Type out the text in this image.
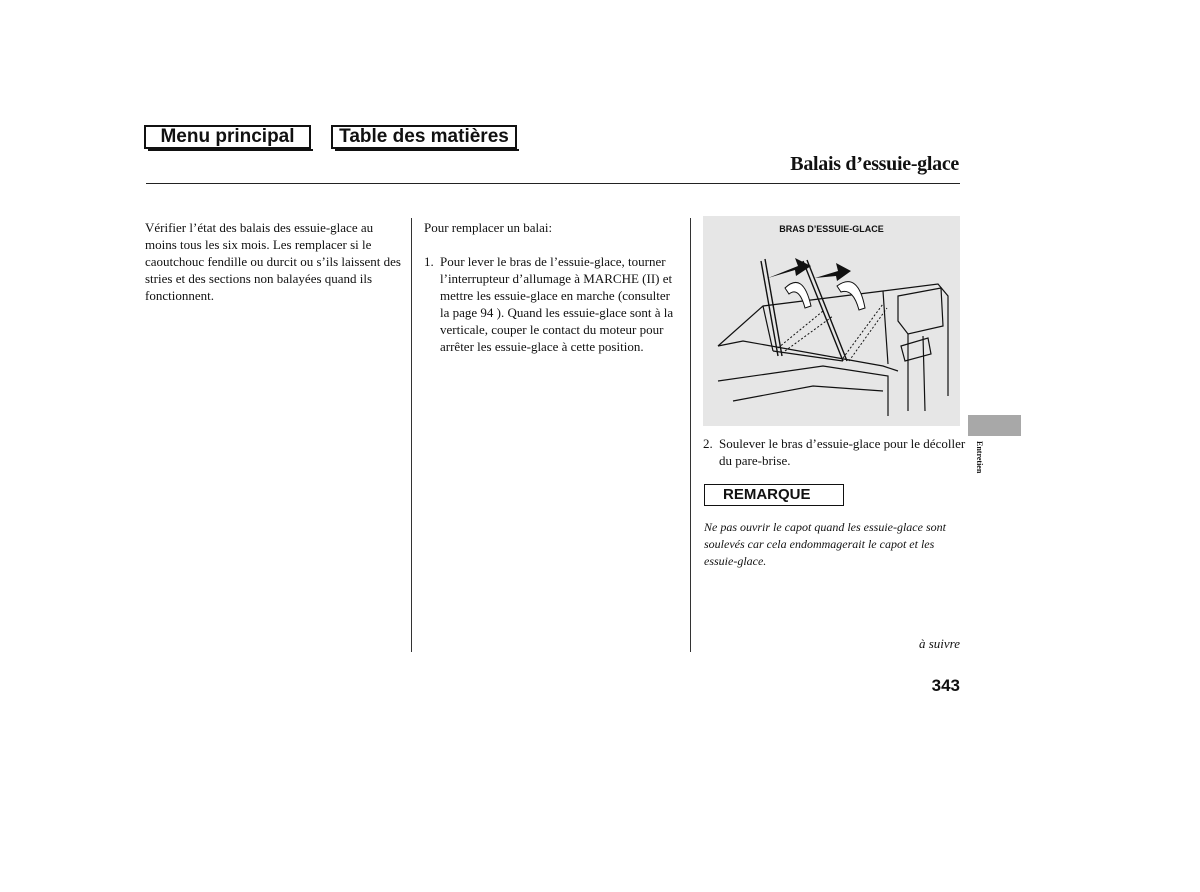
Menu principal	Table des matières
Balais d’essuie-glace
Vérifier l’état des balais des essuie-glace au moins tous les six mois. Les remplacer si le caoutchouc fendille ou durcit ou s’ils laissent des stries et des sections non balayées quand ils fonctionnent.
Pour remplacer un balai:
1. Pour lever le bras de l’essuie-glace, tourner l’interrupteur d’allumage à MARCHE (II) et mettre les essuie-glace en marche (consulter la page 94 ). Quand les essuie-glace sont à la verticale, couper le contact du moteur pour arrêter les essuie-glace à cette position.
BRAS D’ESSUIE-GLACE
2. Soulever le bras d’essuie-glace pour le décoller du pare-brise.
REMARQUE
Ne pas ouvrir le capot quand les essuie-glace sont soulevés car cela endommagerait le capot et les essuie-glace.
à suivre
343
Entretien
